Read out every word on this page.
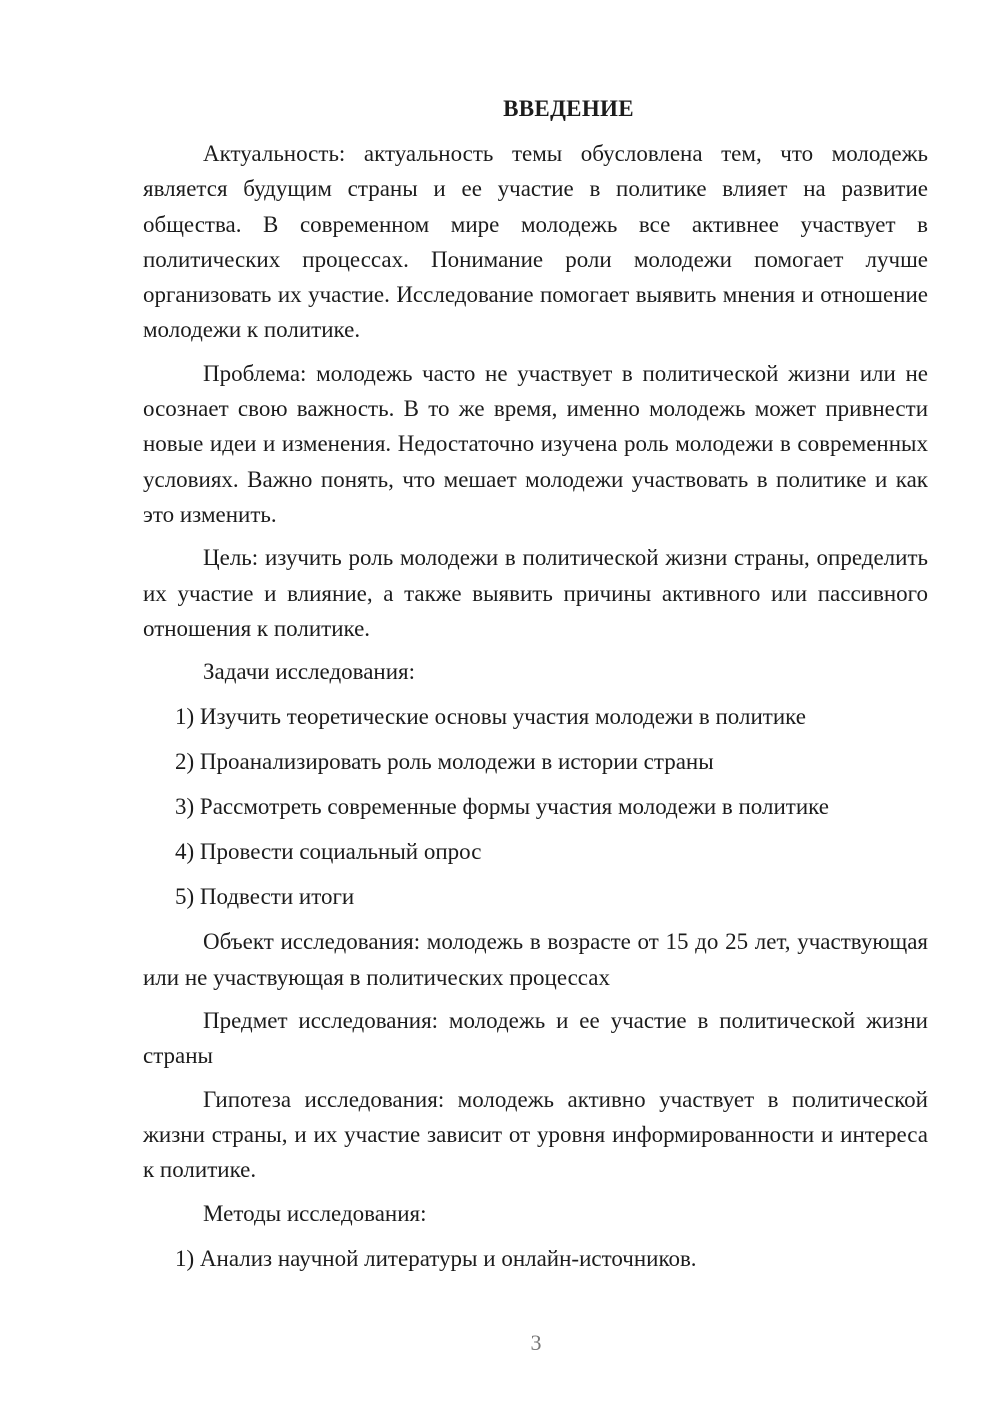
ВВЕДЕНИЕ

Актуальность: актуальность темы обусловлена тем, что молодежь является будущим страны и ее участие в политике влияет на развитие общества. В современном мире молодежь все активнее участвует в политических процессах. Понимание роли молодежи помогает лучше организовать их участие. Исследование помогает выявить мнения и отношение молодежи к политике.

Проблема: молодежь часто не участвует в политической жизни или не осознает свою важность. В то же время, именно молодежь может привнести новые идеи и изменения. Недостаточно изучена роль молодежи в современных условиях. Важно понять, что мешает молодежи участвовать в политике и как это изменить.

Цель: изучить роль молодежи в политической жизни страны, определить их участие и влияние, а также выявить причины активного или пассивного отношения к политике.

Задачи исследования:

1) Изучить теоретические основы участия молодежи в политике
2) Проанализировать роль молодежи в истории страны
3) Рассмотреть современные формы участия молодежи в политике
4) Провести социальный опрос
5) Подвести итоги

Объект исследования: молодежь в возрасте от 15 до 25 лет, участвующая или не участвующая в политических процессах

Предмет исследования: молодежь и ее участие в политической жизни страны

Гипотеза исследования: молодежь активно участвует в политической жизни страны, и их участие зависит от уровня информированности и интереса к политике.

Методы исследования:

1) Анализ научной литературы и онлайн-источников.
3
